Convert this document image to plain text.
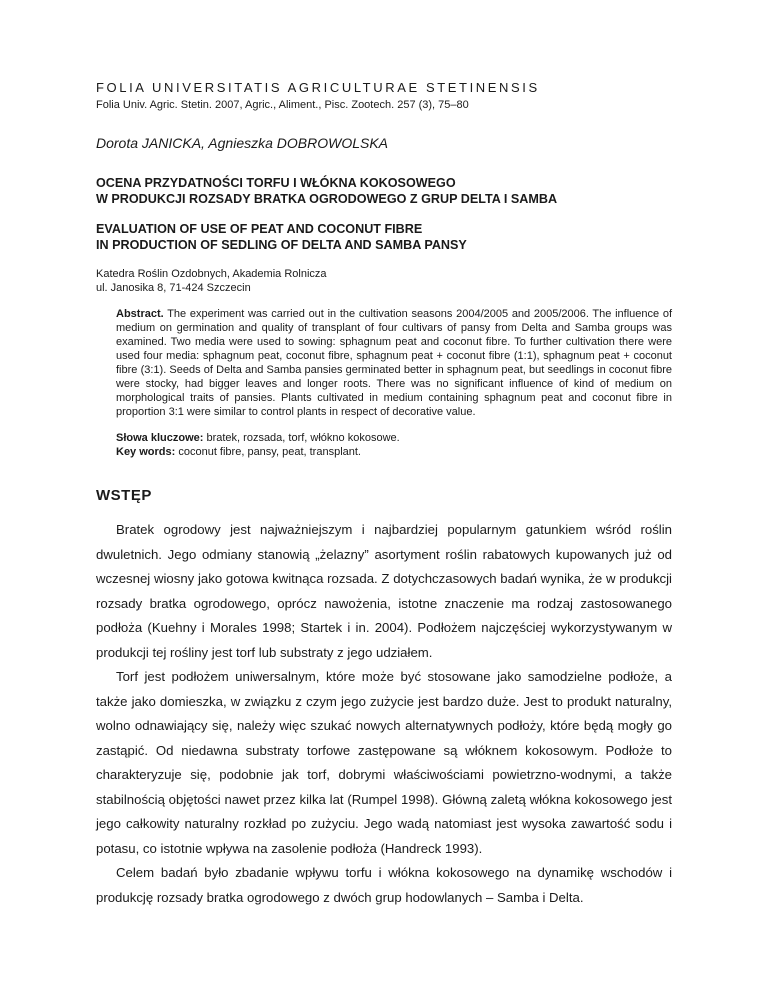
FOLIA UNIVERSITATIS AGRICULTURAE STETINENSIS

Folia Univ. Agric. Stetin. 2007, Agric., Aliment., Pisc. Zootech. 257 (3), 75–80

Dorota JANICKA, Agnieszka DOBROWOLSKA

OCENA PRZYDATNOŚCI TORFU I WŁÓKNA KOKOSOWEGO
W PRODUKCJI ROZSADY BRATKA OGRODOWEGO Z GRUP DELTA I SAMBA
EVALUATION OF USE OF PEAT AND COCONUT FIBRE
IN PRODUCTION OF SEDLING OF DELTA AND SAMBA PANSY
Katedra Roślin Ozdobnych, Akademia Rolnicza
ul. Janosika 8, 71-424 Szczecin
Abstract. The experiment was carried out in the cultivation seasons 2004/2005 and 2005/2006. The influence of medium on germination and quality of transplant of four cultivars of pansy from Delta and Samba groups was examined. Two media were used to sowing: sphagnum peat and coconut fibre. To further cultivation there were used four media: sphagnum peat, coconut fibre, sphagnum peat + coconut fibre (1:1), sphagnum peat + coconut fibre (3:1). Seeds of Delta and Samba pansies germinated better in sphagnum peat, but seedlings in coconut fibre were stocky, had bigger leaves and longer roots. There was no significant influence of kind of medium on morphological traits of pansies. Plants cultivated in medium containing sphagnum peat and coconut fibre in proportion 3:1 were similar to control plants in respect of decorative value.
Słowa kluczowe: bratek, rozsada, torf, włókno kokosowe.
Key words: coconut fibre, pansy, peat, transplant.
WSTĘP

Bratek ogrodowy jest najważniejszym i najbardziej popularnym gatunkiem wśród roślin dwuletnich. Jego odmiany stanowią „żelazny” asortyment roślin rabatowych kupowanych już od wczesnej wiosny jako gotowa kwitnąca rozsada. Z dotychczasowych badań wynika, że w produkcji rozsady bratka ogrodowego, oprócz nawożenia, istotne znaczenie ma rodzaj zastosowanego podłoża (Kuehny i Morales 1998; Startek i in. 2004). Podłożem najczęściej wykorzystywanym w produkcji tej rośliny jest torf lub substraty z jego udziałem.

Torf jest podłożem uniwersalnym, które może być stosowane jako samodzielne podłoże, a także jako domieszka, w związku z czym jego zużycie jest bardzo duże. Jest to produkt naturalny, wolno odnawiający się, należy więc szukać nowych alternatywnych podłoży, które będą mogły go zastąpić. Od niedawna substraty torfowe zastępowane są włóknem kokosowym. Podłoże to charakteryzuje się, podobnie jak torf, dobrymi właściwościami powietrzno-wodnymi, a także stabilnością objętości nawet przez kilka lat (Rumpel 1998). Główną zaletą włókna kokosowego jest jego całkowity naturalny rozkład po zużyciu. Jego wadą natomiast jest wysoka zawartość sodu i potasu, co istotnie wpływa na zasolenie podłoża (Handreck 1993).

Celem badań było zbadanie wpływu torfu i włókna kokosowego na dynamikę wschodów i produkcję rozsady bratka ogrodowego z dwóch grup hodowlanych – Samba i Delta.
